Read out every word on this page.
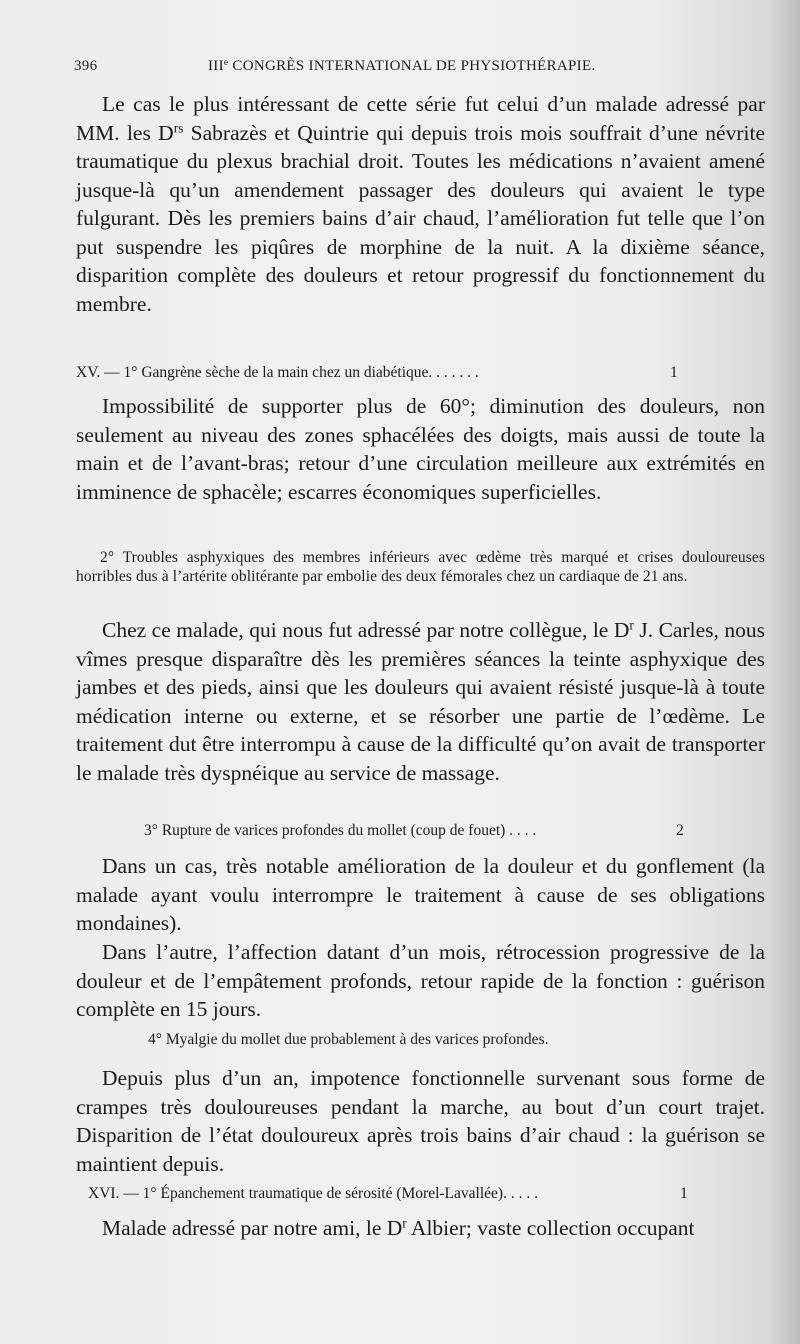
396	IIIe CONGRÈS INTERNATIONAL DE PHYSIOTHÉRAPIE.

Le cas le plus intéressant de cette série fut celui d’un malade adressé par MM. les $D^{rs}$ Sabrazès et Quintrie qui depuis trois mois souffrait d’une névrite traumatique du plexus brachial droit. Toutes les médications n’avaient amené jusque-là qu’un amendement passager des douleurs qui avaient le type fulgurant. Dès les premiers bains d’air chaud, l’amélioration fut telle que l’on put suspendre les piqûres de morphine de la nuit. A la dixième séance, disparition complète des douleurs et retour progressif du fonctionnement du membre.

XV. — 1° Gangrène sèche de la main chez un diabétique. . . . . . .	1

Impossibilité de supporter plus de 60°; diminution des douleurs, non seulement au niveau des zones sphacélées des doigts, mais aussi de toute la main et de l’avant-bras; retour d’une circulation meilleure aux extrémités en imminence de sphacèle; escarres économiques superficielles.

2° Troubles asphyxiques des membres inférieurs avec œdème très marqué et crises douloureuses horribles dus à l’artérite oblitérante par embolie des deux fémorales chez un cardiaque de 21 ans.

Chez ce malade, qui nous fut adressé par notre collègue, le $D^r$ J. Carles, nous vîmes presque disparaître dès les premières séances la teinte asphyxique des jambes et des pieds, ainsi que les douleurs qui avaient résisté jusque-là à toute médication interne ou externe, et se résorber une partie de l’œdème. Le traitement dut être interrompu à cause de la difficulté qu’on avait de transporter le malade très dyspnéique au service de massage.

3° Rupture de varices profondes du mollet (coup de fouet) . . . .	2

Dans un cas, très notable amélioration de la douleur et du gonflement (la malade ayant voulu interrompre le traitement à cause de ses obligations mondaines).

Dans l’autre, l’affection datant d’un mois, rétrocession progressive de la douleur et de l’empâtement profonds, retour rapide de la fonction : guérison complète en 15 jours.

4° Myalgie du mollet due probablement à des varices profondes.

Depuis plus d’un an, impotence fonctionnelle survenant sous forme de crampes très douloureuses pendant la marche, au bout d’un court trajet. Disparition de l’état douloureux après trois bains d’air chaud : la guérison se maintient depuis.

XVI. — 1° Épanchement traumatique de sérosité (Morel-Lavallée). . . . .	1

Malade adressé par notre ami, le $D^r$ Albier; vaste collection occupant
